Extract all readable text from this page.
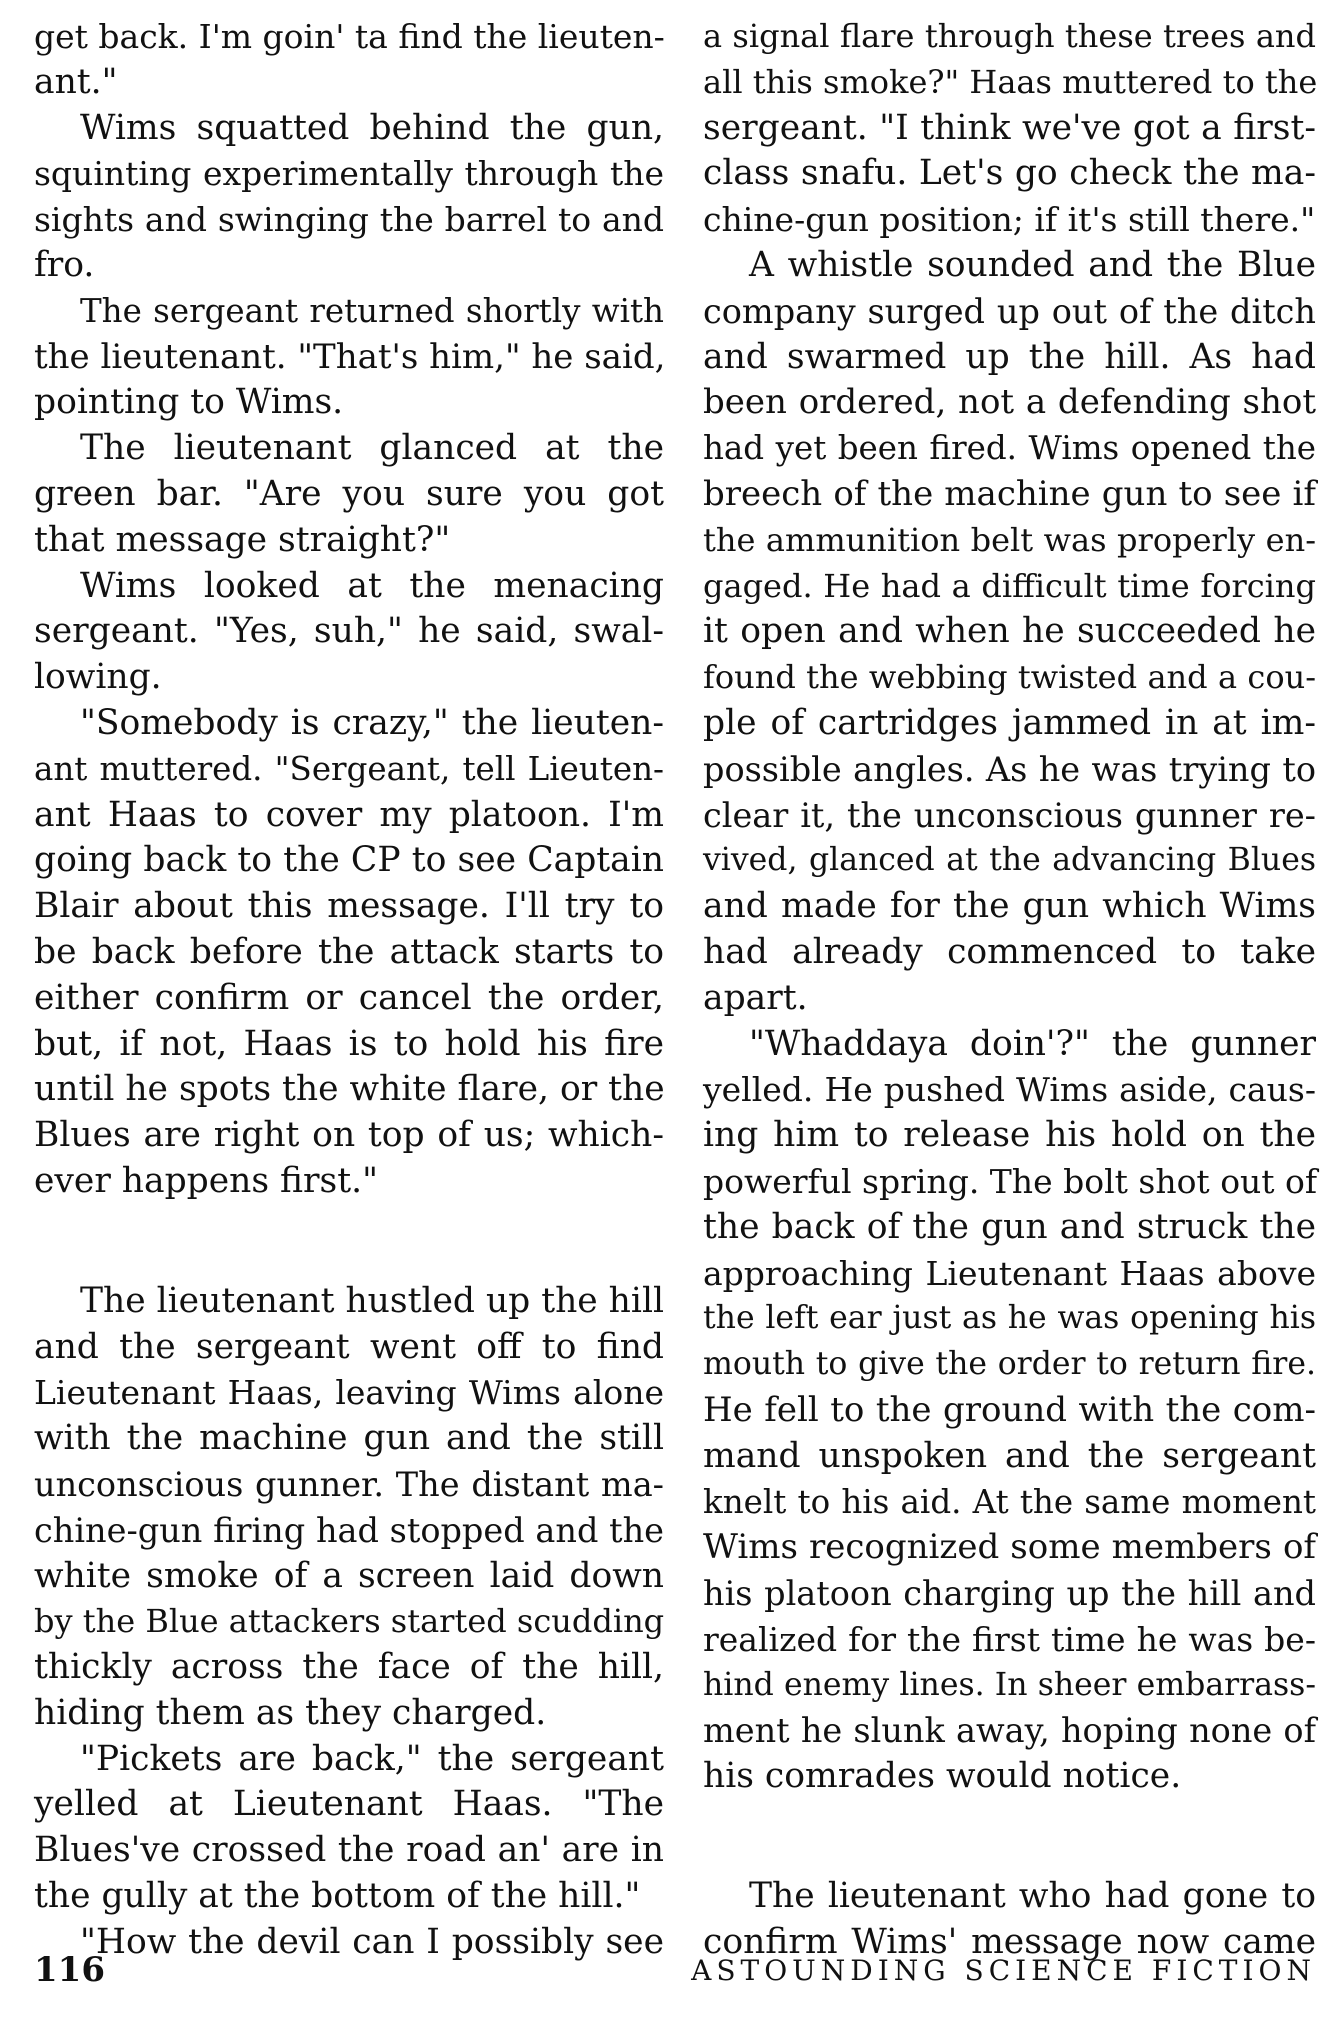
get back. I'm goin' ta find the lieuten-
ant."
Wims squatted behind the gun,
squinting experimentally through the
sights and swinging the barrel to and
fro.
The sergeant returned shortly with
the lieutenant. "That's him," he said,
pointing to Wims.
The lieutenant glanced at the
green bar. "Are you sure you got
that message straight?"
Wims looked at the menacing
sergeant. "Yes, suh," he said, swal-
lowing.
"Somebody is crazy," the lieuten-
ant muttered. "Sergeant, tell Lieuten-
ant Haas to cover my platoon. I'm
going back to the CP to see Captain
Blair about this message. I'll try to
be back before the attack starts to
either confirm or cancel the order,
but, if not, Haas is to hold his fire
until he spots the white flare, or the
Blues are right on top of us; which-
ever happens first."
The lieutenant hustled up the hill
and the sergeant went off to find
Lieutenant Haas, leaving Wims alone
with the machine gun and the still
unconscious gunner. The distant ma-
chine-gun firing had stopped and the
white smoke of a screen laid down
by the Blue attackers started scudding
thickly across the face of the hill,
hiding them as they charged.
"Pickets are back," the sergeant
yelled at Lieutenant Haas. "The
Blues've crossed the road an' are in
the gully at the bottom of the hill."
"How the devil can I possibly see
a signal flare through these trees and
all this smoke?" Haas muttered to the
sergeant. "I think we've got a first-
class snafu. Let's go check the ma-
chine-gun position; if it's still there."
A whistle sounded and the Blue
company surged up out of the ditch
and swarmed up the hill. As had
been ordered, not a defending shot
had yet been fired. Wims opened the
breech of the machine gun to see if
the ammunition belt was properly en-
gaged. He had a difficult time forcing
it open and when he succeeded he
found the webbing twisted and a cou-
ple of cartridges jammed in at im-
possible angles. As he was trying to
clear it, the unconscious gunner re-
vived, glanced at the advancing Blues
and made for the gun which Wims
had already commenced to take
apart.
"Whaddaya doin'?" the gunner
yelled. He pushed Wims aside, caus-
ing him to release his hold on the
powerful spring. The bolt shot out of
the back of the gun and struck the
approaching Lieutenant Haas above
the left ear just as he was opening his
mouth to give the order to return fire.
He fell to the ground with the com-
mand unspoken and the sergeant
knelt to his aid. At the same moment
Wims recognized some members of
his platoon charging up the hill and
realized for the first time he was be-
hind enemy lines. In sheer embarrass-
ment he slunk away, hoping none of
his comrades would notice.
The lieutenant who had gone to
confirm Wims' message now came
116	ASTOUNDING SCIENCE FICTION
